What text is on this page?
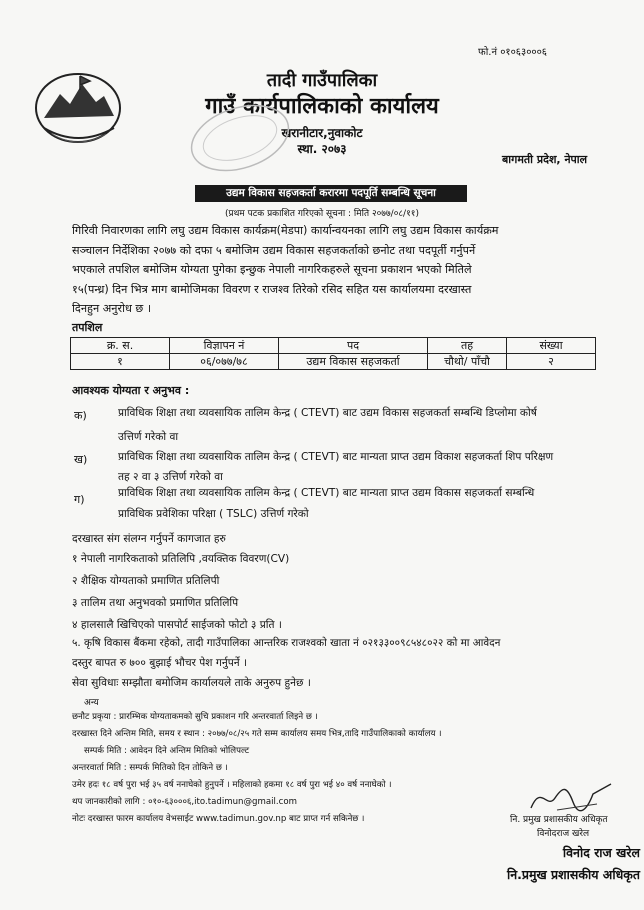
फो.नं ०१०६३०००६
तादी गाउँपालिका
गाउँ कार्यपालिकाको कार्यालय
खरानीटार,नुवाकोट
स्था. २०७३
बागमती प्रदेश, नेपाल
उद्यम विकास सहजकर्ता करारमा पदपूर्ति सम्बन्धि सूचना
(प्रथम पटक प्रकाशित गरिएको सूचना : मिति २०७७/०८/११)
गिरिवी निवारणका लागि लघु उद्यम विकास कार्यक्रम(मेडपा) कार्यान्वयनका लागि लघु उद्यम विकास कार्यक्रम
सञ्चालन निर्देशिका २०७७ को दफा ५ बमोजिम उद्यम विकास सहजकर्ताको छनोट तथा पदपूर्ती गर्नुपर्ने
भएकाले तपशिल बमोजिम योग्यता पुगेका इन्छुक नेपाली नागरिकहरुले सूचना प्रकाशन भएको मितिले
१५(पन्ध्र) दिन भित्र माग बामोजिमका विवरण र राजश्व तिरेको रसिद सहित यस कार्यालयमा दरखास्त
दिनहुन अनुरोध छ ।
तपशिल
क्र. स.	विज्ञापन नं	पद	तह	संख्या
१	०६/०७७/७८	उद्यम विकास सहजकर्ता	चौथो/ पाँचौ	२
आवश्यक योग्यता र अनुभव :
क)	प्राविधिक शिक्षा तथा व्यवसायिक तालिम केन्द्र ( CTEVT) बाट उद्यम विकास सहजकर्ता सम्बन्धि डिप्लोमा कोर्ष
उत्तिर्ण गरेको वा
ख)	प्राविधिक शिक्षा तथा व्यवसायिक तालिम केन्द्र ( CTEVT) बाट मान्यता प्राप्त उद्यम विकाश सहजकर्ता शिप परिक्षण
तह २ वा ३ उत्तिर्ण गरेको वा
ग)	प्राविधिक शिक्षा तथा व्यवसायिक तालिम केन्द्र ( CTEVT) बाट मान्यता प्राप्त उद्यम विकास सहजकर्ता सम्बन्धि
प्राविधिक प्रवेशिका परिक्षा ( TSLC) उत्तिर्ण गरेको
दरखास्त संग संलग्न गर्नुपर्ने कागजात हरु
१ नेपाली नागरिकताको प्रतिलिपि ,वयक्तिक विवरण(CV)
२ शैक्षिक योग्यताको प्रमाणित प्रतिलिपी
३ तालिम तथा अनुभवको प्रमाणित प्रतिलिपि
४ हालसालै खिचिएको पासपोर्ट साईजको फोटो ३ प्रति ।
५. कृषि विकास बैंकमा रहेको, तादी गाउँपालिका आन्तरिक राजश्वको खाता नं ०२१३३००९८५४८०२२ को मा आवेदन
दस्तुर बापत रु ७०० बुझाई भौचर पेश गर्नुपर्ने ।
सेवा सुविधाः सम्झौता बमोजिम कार्यालयले ताके अनुरुप हुनेछ ।
अन्य
छनौट प्रकृया : प्रारम्भिक योग्यताकमको सुचि प्रकाशन गरि अन्तरवार्ता लिइने छ ।
दरखास्त दिने अन्तिम मिति, समय र स्थान : २०७७/०८/२५ गते सम्म कार्यालय समय भित्र,तादि गाउँपालिकाको कार्यालय ।
सम्पर्क मिति : आवेदन दिने अन्तिम मितिको भोलिपल्ट
अन्तरवार्ता मिति : सम्पर्क मितिको दिन तोकिने छ ।
उमेर हदः १८ वर्ष पुरा भई ३५ वर्ष ननाघेको हुनुपर्ने । महिलाको हकमा १८ वर्ष पुरा भई ४० वर्ष ननाघेको ।
थप जानकारीको लागि : ०१०-६३०००६,ito.tadimun@gmail.com
नोटः दरखास्त फारम कार्यालय वेभसाईट www.tadimun.gov.np बाट प्राप्त गर्न सकिनेछ ।	नि. प्रमुख प्रशासकीय अधिकृत
विनोदराज खरेल
विनोद राज खरेल
नि.प्रमुख प्रशासकीय अधिकृत
